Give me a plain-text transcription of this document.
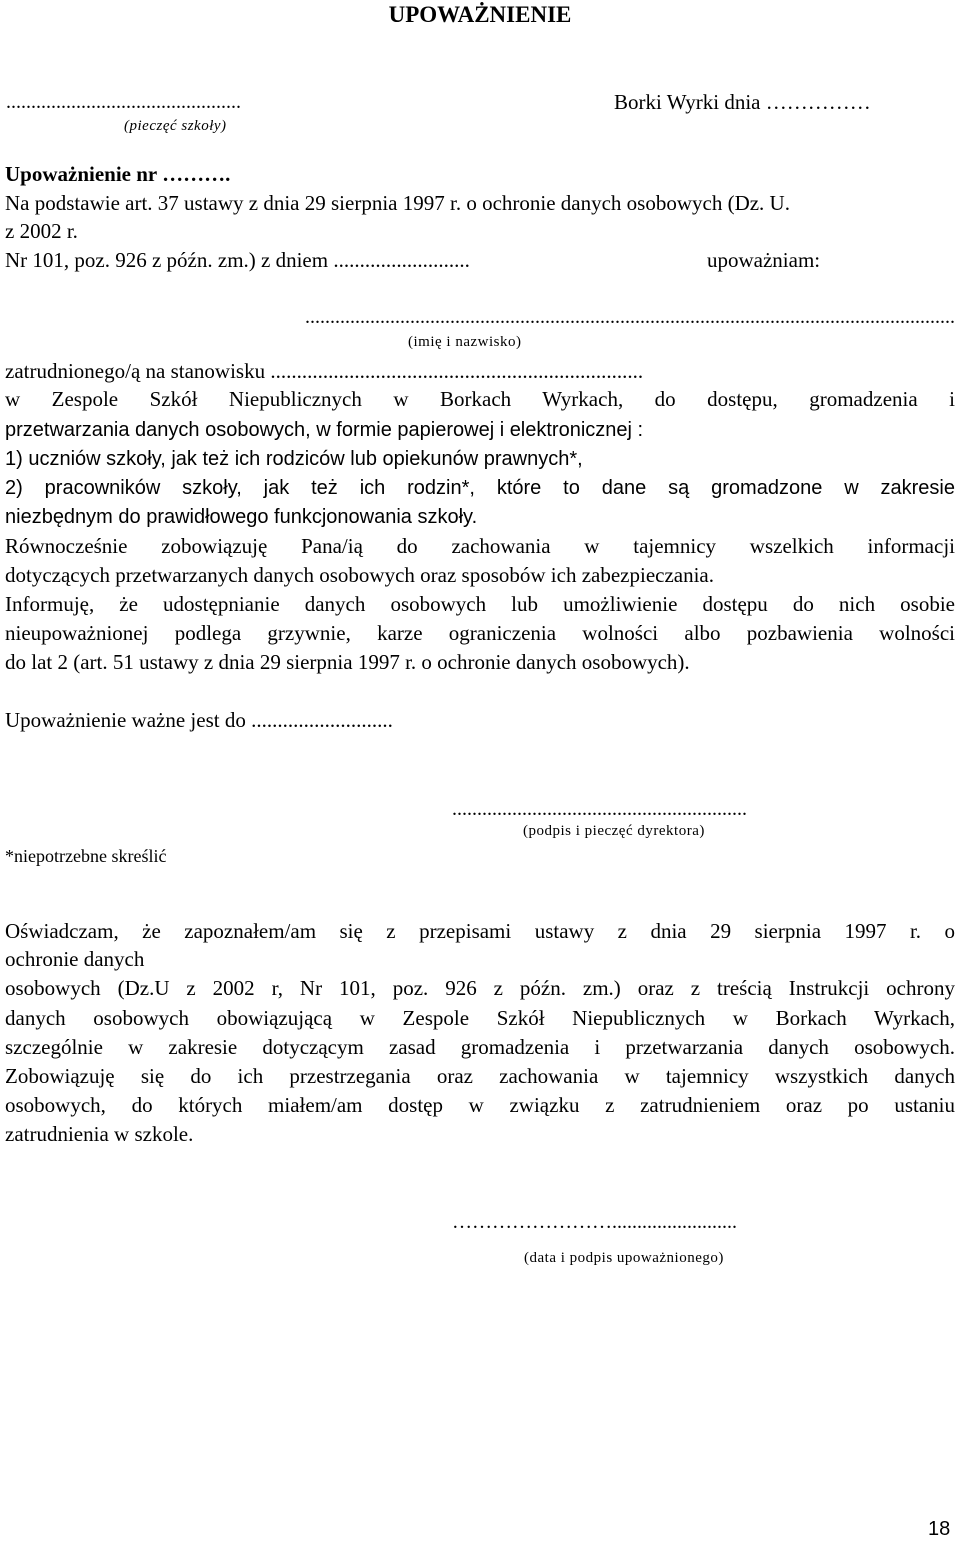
UPOWAŻNIENIE
...............................................
(pieczęć szkoły)
Borki Wyrki dnia ……………
Upoważnienie nr ……….
Na podstawie art. 37 ustawy z dnia 29 sierpnia 1997 r. o ochronie danych osobowych (Dz. U.
z 2002 r.
Nr 101, poz. 926 z późn. zm.) z dniem ..........................	upoważniam:
..................................................................................................................................
(imię i nazwisko)
zatrudnionego/ą na stanowisku .......................................................................
w Zespole Szkół Niepublicznych w Borkach Wyrkach, do dostępu, gromadzenia i
przetwarzania danych osobowych, w formie papierowej i elektronicznej :
1) uczniów szkoły, jak też ich rodziców lub opiekunów prawnych*,
2) pracowników szkoły, jak też ich rodzin*, które to dane są gromadzone w zakresie
niezbędnym do prawidłowego funkcjonowania szkoły.
Równocześnie zobowiązuję Pana/ią do zachowania w tajemnicy wszelkich informacji
dotyczących przetwarzanych danych osobowych oraz sposobów ich zabezpieczania.
Informuję, że udostępnianie danych osobowych lub umożliwienie dostępu do nich osobie
nieupoważnionej podlega grzywnie, karze ograniczenia wolności albo pozbawienia wolności
do lat 2 (art. 51 ustawy z dnia 29 sierpnia 1997 r. o ochronie danych osobowych).
Upoważnienie ważne jest do ...........................
...........................................................
(podpis i pieczęć dyrektora)
*niepotrzebne skreślić
Oświadczam, że zapoznałem/am się z przepisami ustawy z dnia 29 sierpnia 1997 r. o
ochronie danych
osobowych (Dz.U z 2002 r, Nr 101, poz. 926 z późn. zm.) oraz z treścią Instrukcji ochrony
danych osobowych obowiązującą w Zespole Szkół Niepublicznych w Borkach Wyrkach,
szczególnie w zakresie dotyczącym zasad gromadzenia i przetwarzania danych osobowych.
Zobowiązuję się do ich przestrzegania oraz zachowania w tajemnicy wszystkich danych
osobowych, do których miałem/am dostęp w związku z zatrudnieniem oraz po ustaniu
zatrudnienia w szkole.
…………………….........................
(data i podpis upoważnionego)
18
